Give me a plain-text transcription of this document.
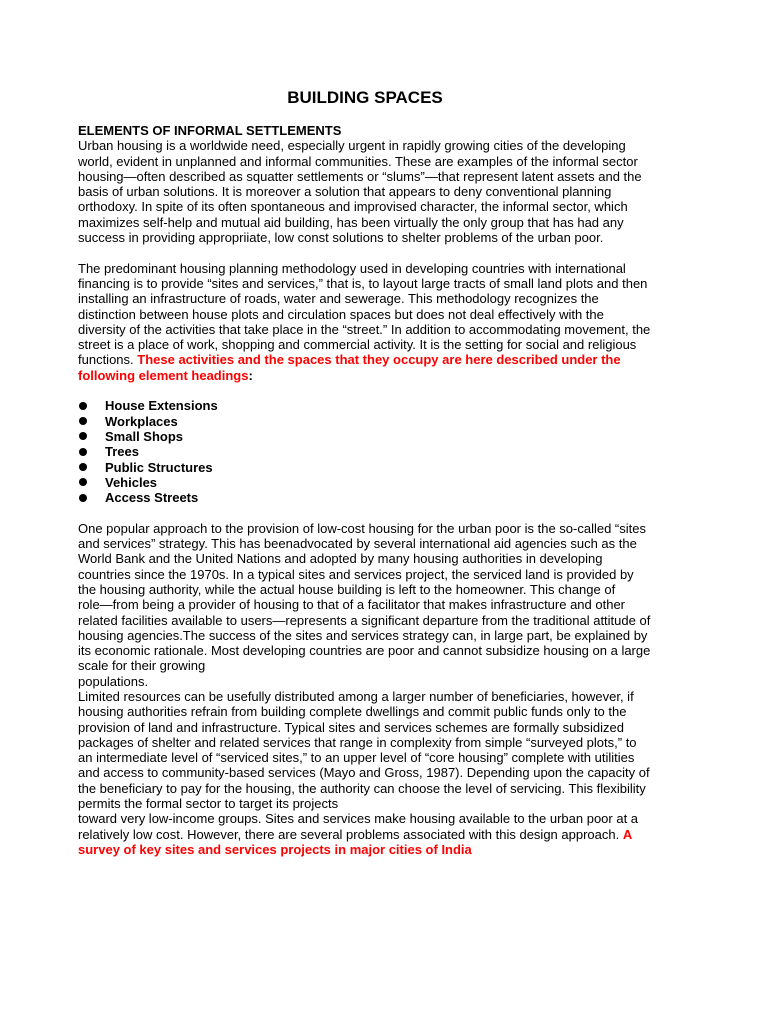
BUILDING SPACES
ELEMENTS OF INFORMAL SETTLEMENTS

Urban housing is a worldwide need, especially urgent in rapidly growing cities of the developing world, evident in unplanned and informal communities. These are examples of the informal sector housing—often described as squatter settlements or “slums”—that represent latent assets and the basis of urban solutions. It is moreover a solution that appears to deny conventional planning orthodoxy. In spite of its often spontaneous and improvised character, the informal sector, which maximizes self-help and mutual aid building, has been virtually the only group that has had any success in providing appropriiate, low const solutions to shelter problems of the urban poor.

The predominant housing planning methodology used in developing countries with international financing is to provide “sites and services,” that is, to layout large tracts of small land plots and then installing an infrastructure of roads, water and sewerage. This methodology recognizes the distinction between house plots and circulation spaces but does not deal effectively with the diversity of the activities that take place in the “street.” In addition to accommodating movement, the street is a place of work, shopping and commercial activity. It is the setting for social and religious functions. These activities and the spaces that they occupy are here described under the following element headings:

House Extensions
Workplaces
Small Shops
Trees
Public Structures
Vehicles
Access Streets

One popular approach to the provision of low-cost housing for the urban poor is the so-called “sites and services” strategy. This has beenadvocated by several international aid agencies such as the World Bank and the United Nations and adopted by many housing authorities in developing countries since the 1970s. In a typical sites and services project, the serviced land is provided by the housing authority, while the actual house building is left to the homeowner. This change of

role—from being a provider of housing to that of a facilitator that makes infrastructure and other related facilities available to users—represents a significant departure from the traditional attitude of housing agencies.The success of the sites and services strategy can, in large part, be explained by its economic rationale. Most developing countries are poor and cannot subsidize housing on a large scale for their growing

populations.

Limited resources can be usefully distributed among a larger number of beneficiaries, however, if housing authorities refrain from building complete dwellings and commit public funds only to the provision of land and infrastructure. Typical sites and services schemes are formally subsidized packages of shelter and related services that range in complexity from simple “surveyed plots,” to an intermediate level of “serviced sites,” to an upper level of “core housing” complete with utilities and access to community-based services (Mayo and Gross, 1987). Depending upon the capacity of the beneficiary to pay for the housing, the authority can choose the level of servicing. This flexibility permits the formal sector to target its projects

toward very low-income groups. Sites and services make housing available to the urban poor at a relatively low cost. However, there are several problems associated with this design approach. A survey of key sites and services projects in major cities of India
